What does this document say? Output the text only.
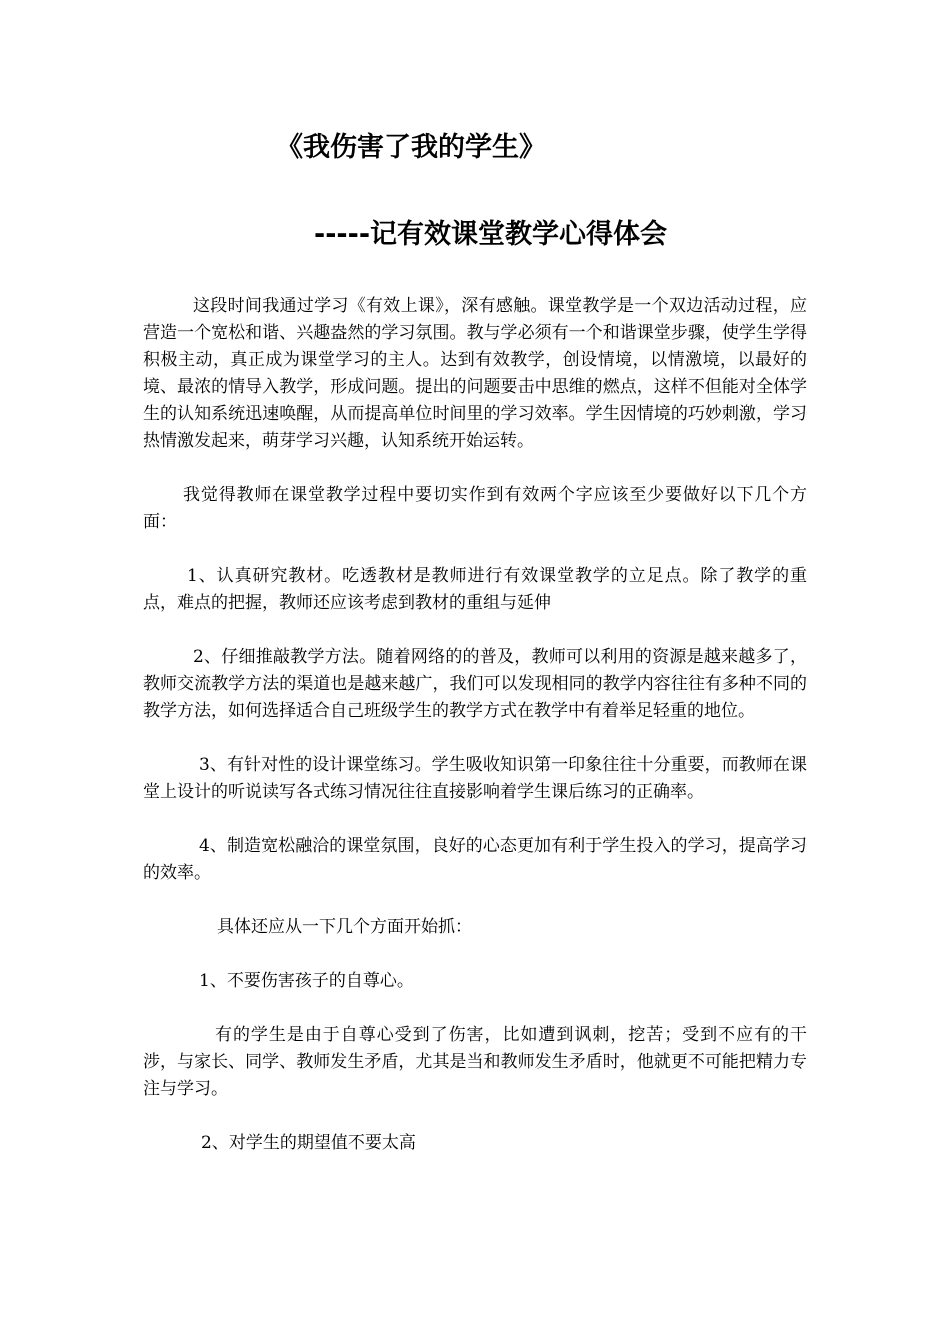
《我伤害了我的学生》
-----记有效课堂教学心得体会

这段时间我通过学习《有效上课》，深有感触。课堂教学是一个双边活动过程，应营造一个宽松和谐、兴趣盎然的学习氛围。教与学必须有一个和谐课堂步骤，使学生学得积极主动，真正成为课堂学习的主人。达到有效教学，创设情境，以情激境，以最好的境、最浓的情导入教学，形成问题。提出的问题要击中思维的燃点，这样不但能对全体学生的认知系统迅速唤醒，从而提高单位时间里的学习效率。学生因情境的巧妙刺激，学习热情激发起来，萌芽学习兴趣，认知系统开始运转。

我觉得教师在课堂教学过程中要切实作到有效两个字应该至少要做好以下几个方面：

1、认真研究教材。吃透教材是教师进行有效课堂教学的立足点。除了教学的重点，难点的把握，教师还应该考虑到教材的重组与延伸

2、仔细推敲教学方法。随着网络的的普及，教师可以利用的资源是越来越多了，教师交流教学方法的渠道也是越来越广，我们可以发现相同的教学内容往往有多种不同的教学方法，如何选择适合自己班级学生的教学方式在教学中有着举足轻重的地位。

3、有针对性的设计课堂练习。学生吸收知识第一印象往往十分重要，而教师在课堂上设计的听说读写各式练习情况往往直接影响着学生课后练习的正确率。

4、制造宽松融洽的课堂氛围，良好的心态更加有利于学生投入的学习，提高学习的效率。

具体还应从一下几个方面开始抓：

1、不要伤害孩子的自尊心。

有的学生是由于自尊心受到了伤害，比如遭到讽刺，挖苦；受到不应有的干涉，与家长、同学、教师发生矛盾，尤其是当和教师发生矛盾时，他就更不可能把精力专注与学习。

2、对学生的期望值不要太高
